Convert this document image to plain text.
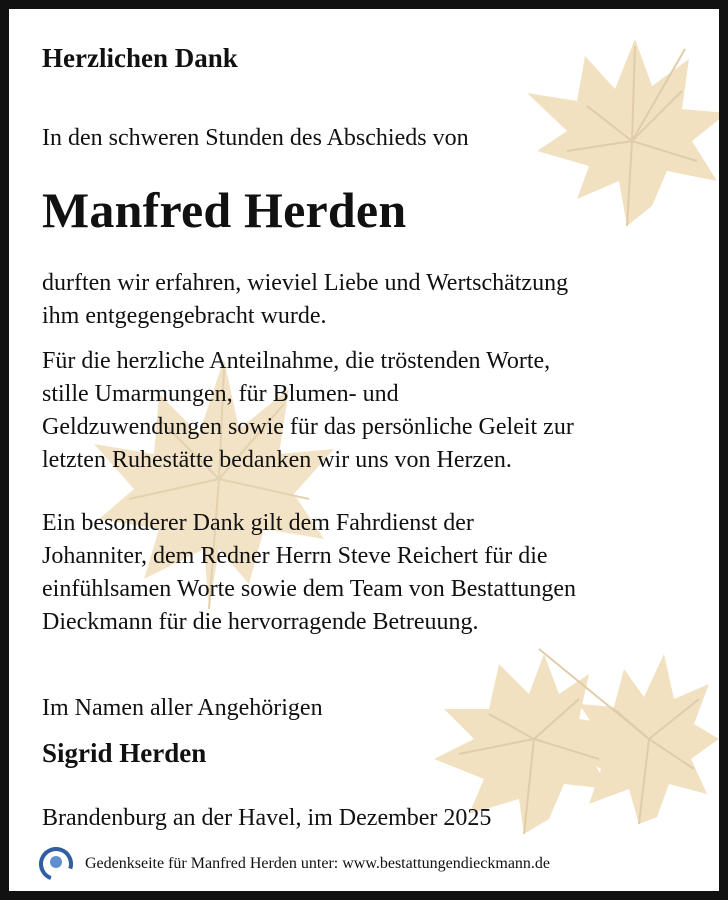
Herzlichen Dank
In den schweren Stunden des Abschieds von
Manfred Herden
durften wir erfahren, wieviel Liebe und Wertschätzung
ihm entgegengebracht wurde.
Für die herzliche Anteilnahme, die tröstenden Worte,
stille Umarmungen, für Blumen- und
Geldzuwendungen sowie für das persönliche Geleit zur
letzten Ruhestätte bedanken wir uns von Herzen.
Ein besonderer Dank gilt dem Fahrdienst der
Johanniter, dem Redner Herrn Steve Reichert für die
einfühlsamen Worte sowie dem Team von Bestattungen
Dieckmann für die hervorragende Betreuung.
Im Namen aller Angehörigen
Sigrid Herden
Brandenburg an der Havel, im Dezember 2025
Gedenkseite für Manfred Herden unter: www.bestattungendieckmann.de
